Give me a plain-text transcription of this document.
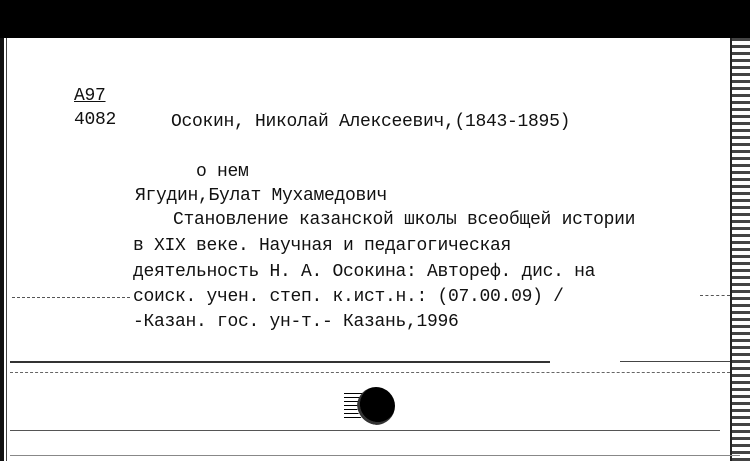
А97
4082	Осокин, Николай Алексеевич,(1843-1895)
о нем
Ягудин,Булат Мухамедович
Становление казанской школы всеобщей истории
в XIX веке. Научная и педагогическая
деятельность Н. А. Осокина: Автореф. дис. на
соиск. учен. степ. к.ист.н.: (07.00.09) /
-Казан. гос. ун-т.- Казань,1996
